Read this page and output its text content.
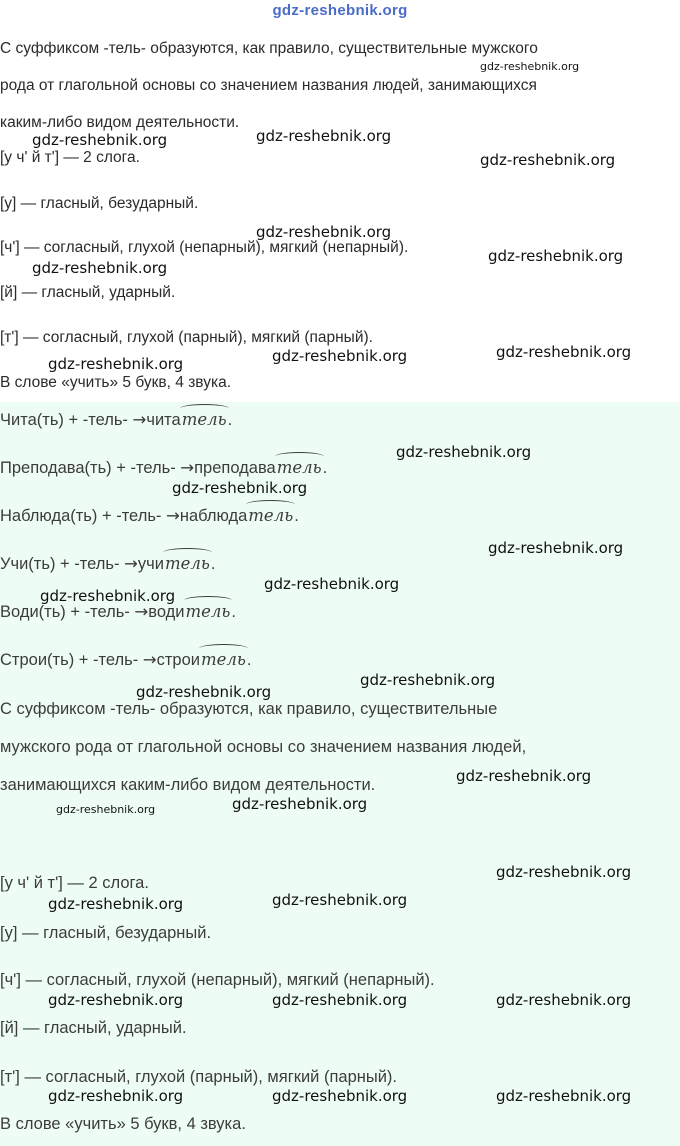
gdz-reshebnik.org
С суффиксом -тель- образуются, как правило, существительные мужского
рода от глагольной основы со значением названия людей, занимающихся
каким-либо видом деятельности.
[у ч' й т'] — 2 слога.
[у] — гласный, безударный.
[ч'] — согласный, глухой (непарный), мягкий (непарный).
[й] — гласный, ударный.
[т'] — согласный, глухой (парный), мягкий (парный).
В слове «учить» 5 букв, 4 звука.
Чита(ть) + -тель- →читатель.
Преподава(ть) + -тель- →преподаватель.
Наблюда(ть) + -тель- →наблюдатель.
Учи(ть) + -тель- →учитель.
Води(ть) + -тель- →водитель.
Строи(ть) + -тель- →строитель.
С суффиксом -тель- образуются, как правило, существительные
мужского рода от глагольной основы со значением названия людей,
занимающихся каким-либо видом деятельности.
[у ч' й т'] — 2 слога.
[у] — гласный, безударный.
[ч'] — согласный, глухой (непарный), мягкий (непарный).
[й] — гласный, ударный.
[т'] — согласный, глухой (парный), мягкий (парный).
В слове «учить» 5 букв, 4 звука.
gdz-reshebnik.org
gdz-reshebnik.org	gdz-reshebnik.org
gdz-reshebnik.org
gdz-reshebnik.org
gdz-reshebnik.org
gdz-reshebnik.org
gdz-reshebnik.org	gdz-reshebnik.org
gdz-reshebnik.org
gdz-reshebnik.org
gdz-reshebnik.org
gdz-reshebnik.org
gdz-reshebnik.org
gdz-reshebnik.org
gdz-reshebnik.org
gdz-reshebnik.org
gdz-reshebnik.org
gdz-reshebnik.org
gdz-reshebnik.org
gdz-reshebnik.org
gdz-reshebnik.org
gdz-reshebnik.org
gdz-reshebnik.org	gdz-reshebnik.org	gdz-reshebnik.org
gdz-reshebnik.org	gdz-reshebnik.org	gdz-reshebnik.org
